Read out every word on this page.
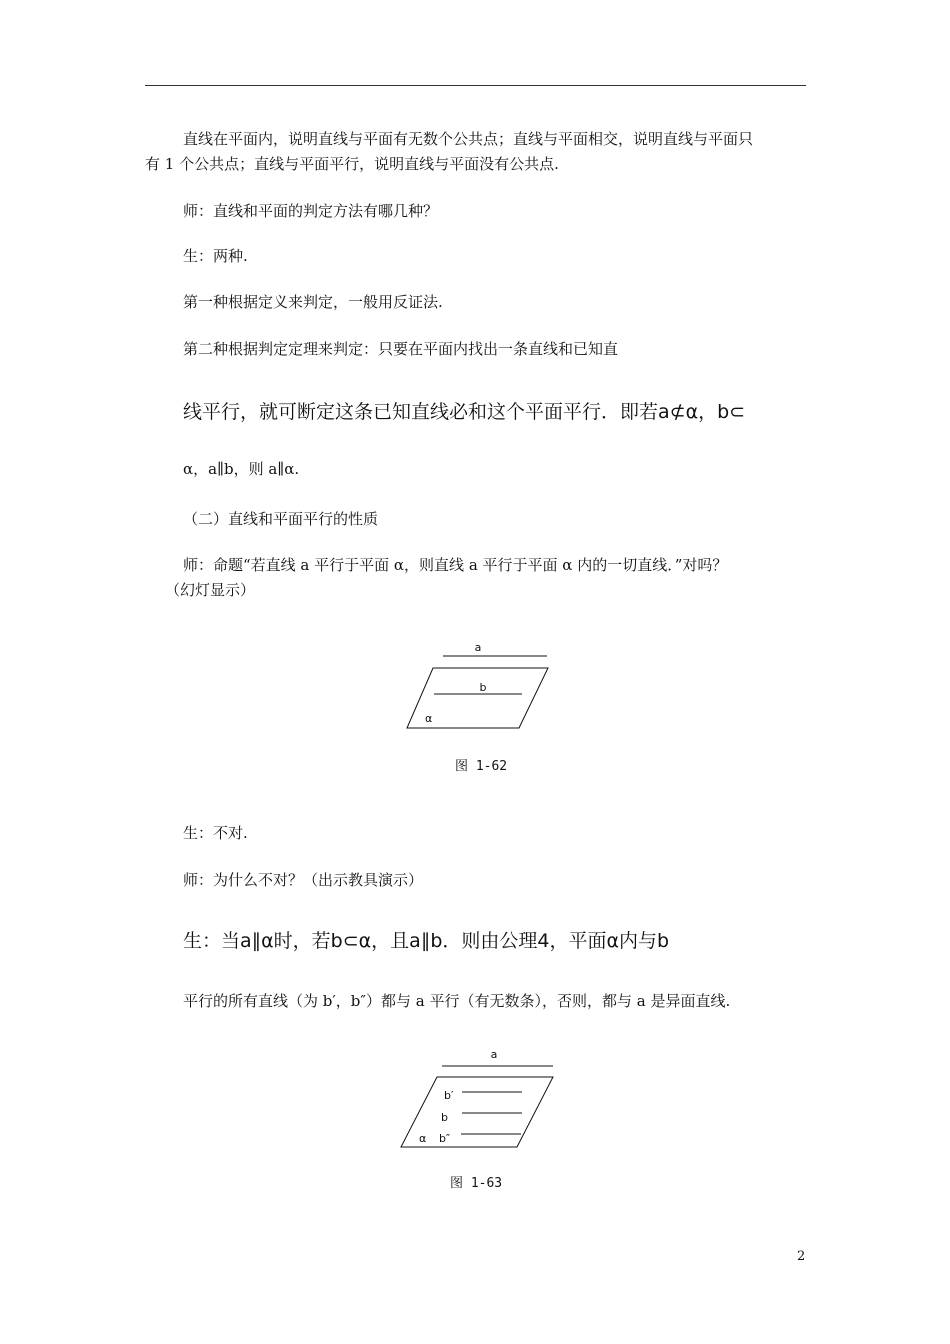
直线在平面内，说明直线与平面有无数个公共点；直线与平面相交，说明直线与平面只
有 1 个公共点；直线与平面平行，说明直线与平面没有公共点.
师：直线和平面的判定方法有哪几种？
生：两种.
第一种根据定义来判定，一般用反证法.
第二种根据判定定理来判定：只要在平面内找出一条直线和已知直
线平行，就可断定这条已知直线必和这个平面平行．即若a⊄α，b⊂
α，a∥b，则 a∥α.
（二）直线和平面平行的性质
师：命题“若直线 a 平行于平面 α，则直线 a 平行于平面 α 内的一切直线．”对吗？
（幻灯显示）
a
b
α
图 1-62
生：不对.
师：为什么不对？（出示教具演示）
生：当a∥α时，若b⊂α，且a∥b．则由公理4，平面α内与b
平行的所有直线（为 b′，b″）都与 a 平行（有无数条），否则，都与 a 是异面直线.
a
b′
b
α b″
图 1-63
2
